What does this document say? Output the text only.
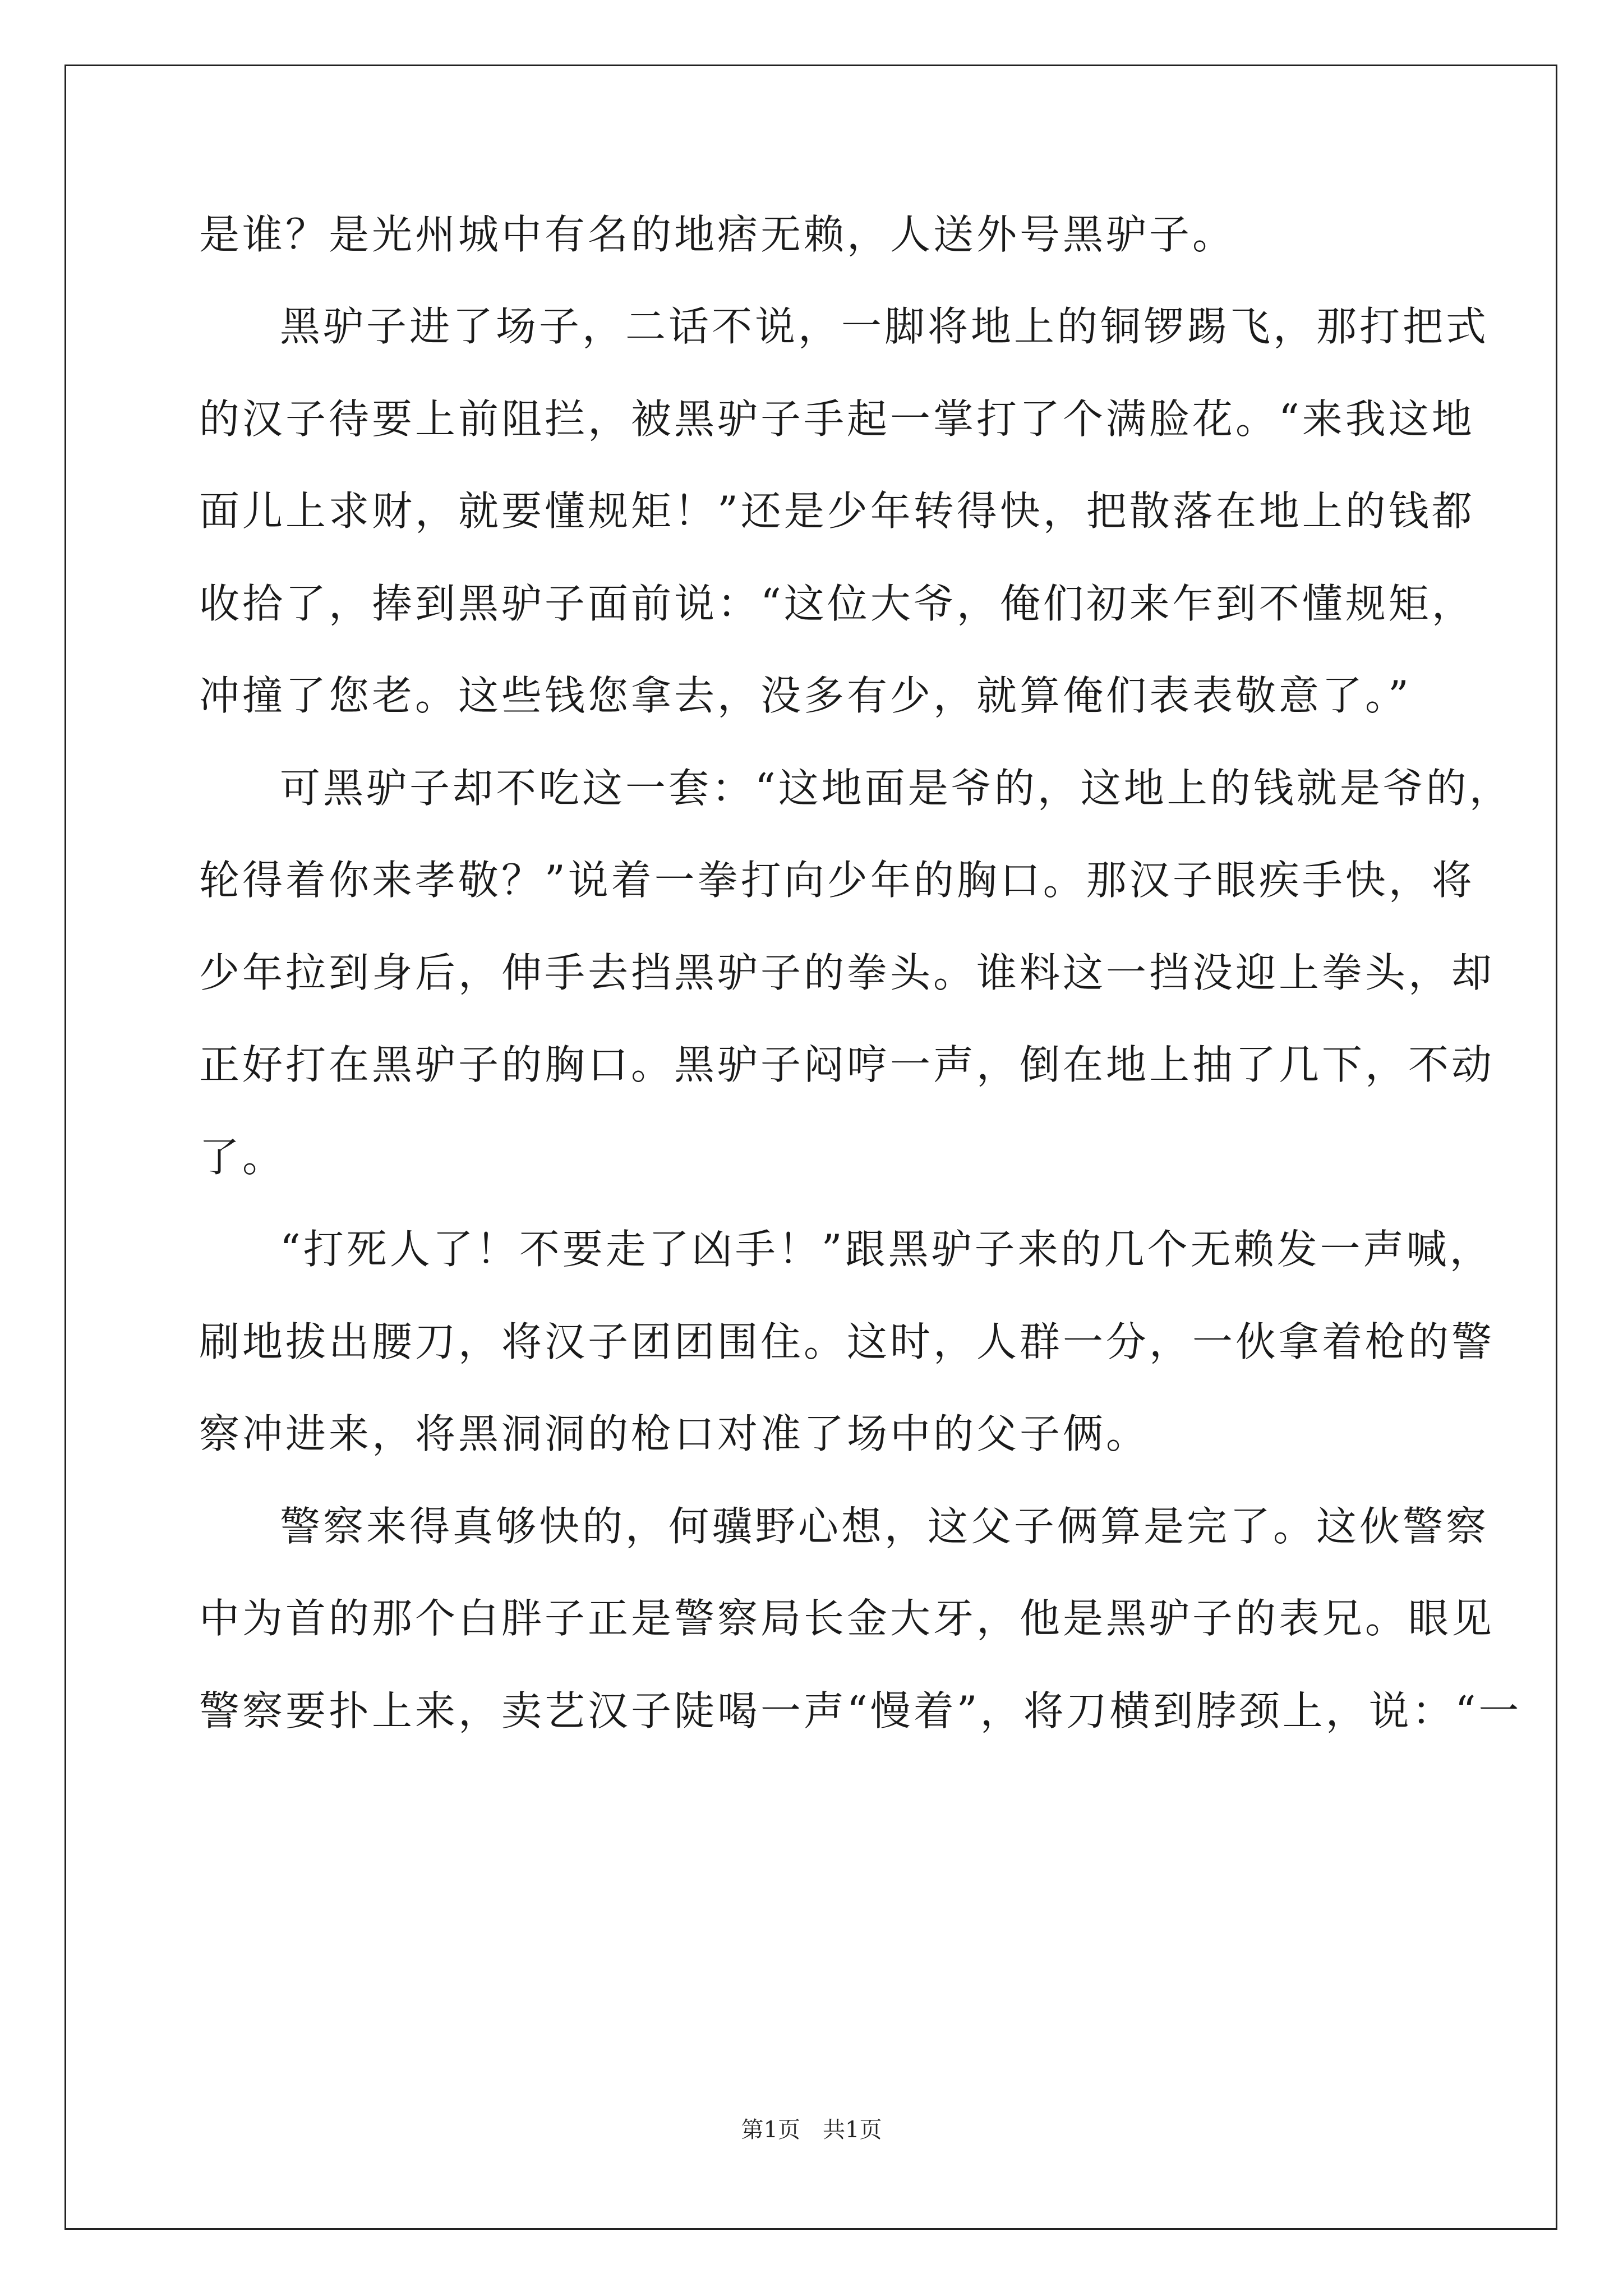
是谁？是光州城中有名的地痞无赖，人送外号黑驴子。
黑驴子进了场子，二话不说，一脚将地上的铜锣踢飞，那打把式
的汉子待要上前阻拦，被黑驴子手起一掌打了个满脸花。“来我这地
面儿上求财，就要懂规矩！”还是少年转得快，把散落在地上的钱都
收拾了，捧到黑驴子面前说：“这位大爷，俺们初来乍到不懂规矩，
冲撞了您老。这些钱您拿去，没多有少，就算俺们表表敬意了。”
可黑驴子却不吃这一套：“这地面是爷的，这地上的钱就是爷的，
轮得着你来孝敬？”说着一拳打向少年的胸口。那汉子眼疾手快，将
少年拉到身后，伸手去挡黑驴子的拳头。谁料这一挡没迎上拳头，却
正好打在黑驴子的胸口。黑驴子闷哼一声，倒在地上抽了几下，不动
了。
“打死人了！不要走了凶手！”跟黑驴子来的几个无赖发一声喊，
刷地拔出腰刀，将汉子团团围住。这时，人群一分，一伙拿着枪的警
察冲进来，将黑洞洞的枪口对准了场中的父子俩。
警察来得真够快的，何骥野心想，这父子俩算是完了。这伙警察
中为首的那个白胖子正是警察局长金大牙，他是黑驴子的表兄。眼见
警察要扑上来，卖艺汉子陡喝一声“慢着”，将刀横到脖颈上，说：“一
第1页　共1页
